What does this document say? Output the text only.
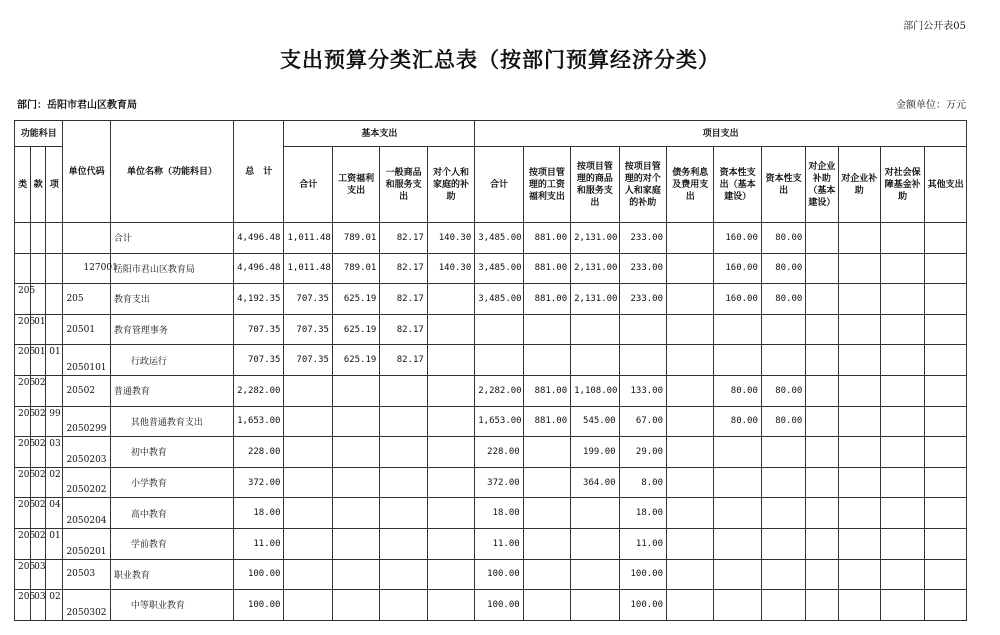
部门公开表05
支出预算分类汇总表（按部门预算经济分类）
部门：岳阳市君山区教育局	金额单位：万元
功能科目			单位代码	单位名称（功能科目）	总　计	基本支出				项目支出										
类	款	项				合计	工资福利支出	一般商品和服务支出	对个人和家庭的补助	合计	按项目管理的工资福利支出	按项目管理的商品和服务支出	按项目管理的对个人和家庭的补助	债务利息及费用支出	资本性支出（基本建设）	资本性支出	对企业补助（基本建设）	对企业补助	对社会保障基金补助	其他支出
				合计	4,496.48	1,011.48	789.01	82.17	140.30	3,485.00	881.00	2,131.00	233.00		160.00	80.00				
			127001	岳阳市君山区教育局	4,496.48	1,011.48	789.01	82.17	140.30	3,485.00	881.00	2,131.00	233.00		160.00	80.00				
205			205	教育支出	4,192.35	707.35	625.19	82.17		3,485.00	881.00	2,131.00	233.00		160.00	80.00				
205	01		20501	教育管理事务	707.35	707.35	625.19	82.17												
205	01	01	2050101	行政运行	707.35	707.35	625.19	82.17												
205	02		20502	普通教育	2,282.00					2,282.00	881.00	1,108.00	133.00		80.00	80.00				
205	02	99	2050299	其他普通教育支出	1,653.00					1,653.00	881.00	545.00	67.00		80.00	80.00				
205	02	03	2050203	初中教育	228.00					228.00		199.00	29.00							
205	02	02	2050202	小学教育	372.00					372.00		364.00	8.00							
205	02	04	2050204	高中教育	18.00					18.00			18.00							
205	02	01	2050201	学前教育	11.00					11.00			11.00							
205	03		20503	职业教育	100.00					100.00			100.00							
205	03	02	2050302	中等职业教育	100.00					100.00			100.00							
